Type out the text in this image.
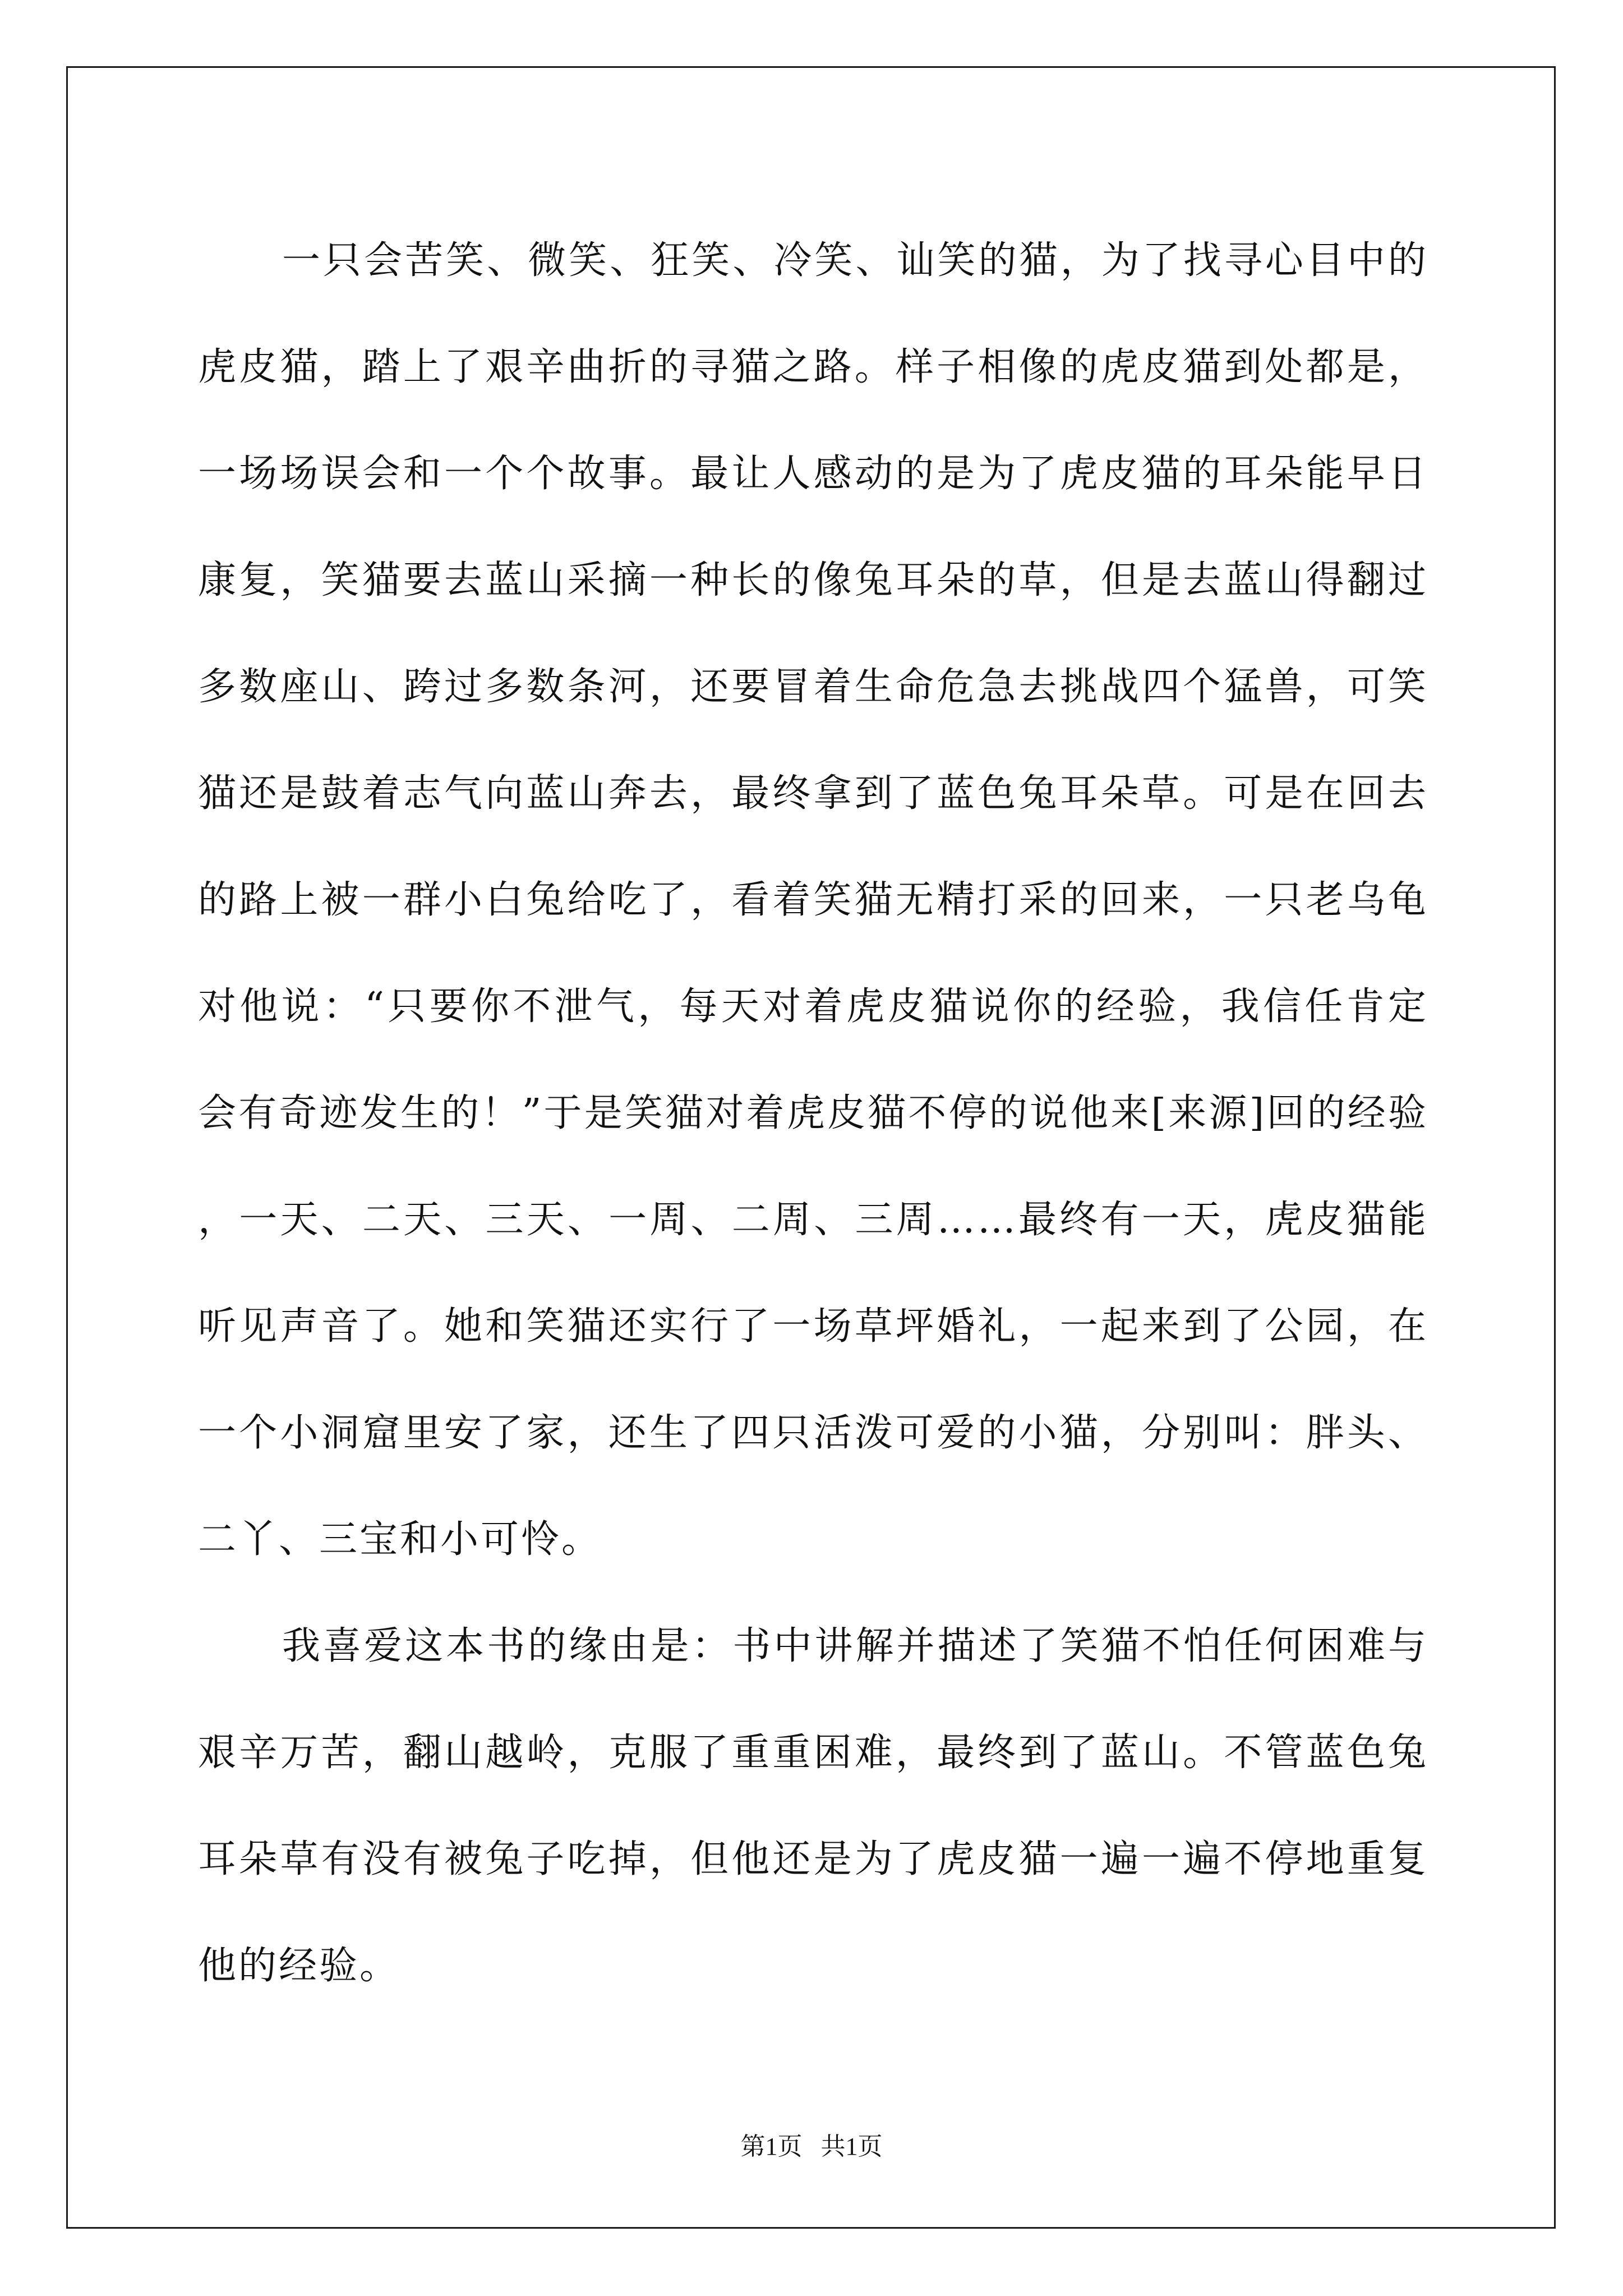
一只会苦笑、微笑、狂笑、冷笑、讪笑的猫，为了找寻心目中的虎皮猫，踏上了艰辛曲折的寻猫之路。样子相像的虎皮猫到处都是，一场场误会和一个个故事。最让人感动的是为了虎皮猫的耳朵能早日康复，笑猫要去蓝山采摘一种长的像兔耳朵的草，但是去蓝山得翻过多数座山、跨过多数条河，还要冒着生命危急去挑战四个猛兽，可笑猫还是鼓着志气向蓝山奔去，最终拿到了蓝色兔耳朵草。可是在回去的路上被一群小白兔给吃了，看着笑猫无精打采的回来，一只老乌龟对他说：“只要你不泄气，每天对着虎皮猫说你的经验，我信任肯定会有奇迹发生的！”于是笑猫对着虎皮猫不停的说他来[来源]回的经验，一天、二天、三天、一周、二周、三周……最终有一天，虎皮猫能听见声音了。她和笑猫还实行了一场草坪婚礼，一起来到了公园，在一个小洞窟里安了家，还生了四只活泼可爱的小猫，分别叫：胖头、二丫、三宝和小可怜。

我喜爱这本书的缘由是：书中讲解并描述了笑猫不怕任何困难与艰辛万苦，翻山越岭，克服了重重困难，最终到了蓝山。不管蓝色兔耳朵草有没有被兔子吃掉，但他还是为了虎皮猫一遍一遍不停地重复他的经验。

第1页   共1页
